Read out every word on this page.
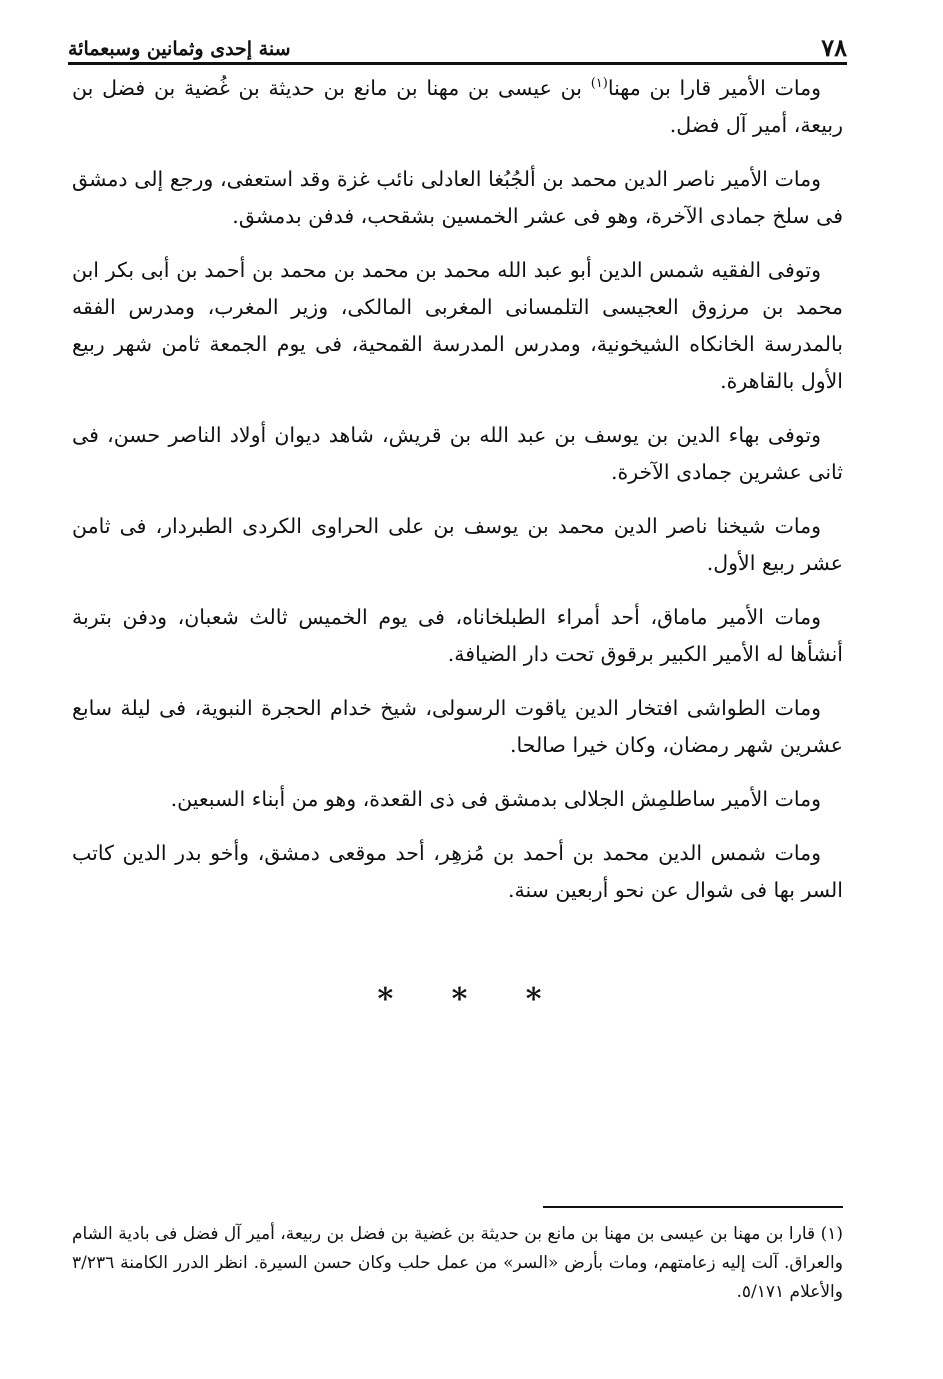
٧٨
سنة إحدى وثمانين وسبعمائة

ومات الأمير قارا بن مهنا$^{(١)}$ بن عيسى بن مهنا بن مانع بن حديثة بن غُضية بن فضل بن ربيعة، أمير آل فضل.

ومات الأمير ناصر الدين محمد بن ألجُبُغا العادلى نائب غزة وقد استعفى، ورجع إلى دمشق فى سلخ جمادى الآخرة، وهو فى عشر الخمسين بشقحب، فدفن بدمشق.

وتوفى الفقيه شمس الدين أبو عبد الله محمد بن محمد بن محمد بن أحمد بن أبى بكر ابن محمد بن مرزوق العجيسى التلمسانى المغربى المالكى، وزير المغرب، ومدرس الفقه بالمدرسة الخانكاه الشيخونية، ومدرس المدرسة القمحية، فى يوم الجمعة ثامن شهر ربيع الأول بالقاهرة.

وتوفى بهاء الدين بن يوسف بن عبد الله بن قريش، شاهد ديوان أولاد الناصر حسن، فى ثانى عشرين جمادى الآخرة.

ومات شيخنا ناصر الدين محمد بن يوسف بن على الحراوى الكردى الطبردار، فى ثامن عشر ربيع الأول.

ومات الأمير ماماق، أحد أمراء الطبلخاناه، فى يوم الخميس ثالث شعبان، ودفن بتربة أنشأها له الأمير الكبير برقوق تحت دار الضيافة.

ومات الطواشى افتخار الدين ياقوت الرسولى، شيخ خدام الحجرة النبوية، فى ليلة سابع عشرين شهر رمضان، وكان خيرا صالحا.

ومات الأمير ساطلمِش الجلالى بدمشق فى ذى القعدة، وهو من أبناء السبعين.

ومات شمس الدين محمد بن أحمد بن مُزهِر، أحد موقعى دمشق، وأخو بدر الدين كاتب السر بها فى شوال عن نحو أربعين سنة.

* * *

(١) قارا بن مهنا بن عيسى بن مهنا بن مانع بن حديثة بن غضية بن فضل بن ربيعة، أمير آل فضل فى بادية الشام والعراق. آلت إليه زعامتهم، ومات بأرض «السر» من عمل حلب وكان حسن السيرة. انظر الدرر الكامنة ٣/٢٣٦ والأعلام ٥/١٧١.
